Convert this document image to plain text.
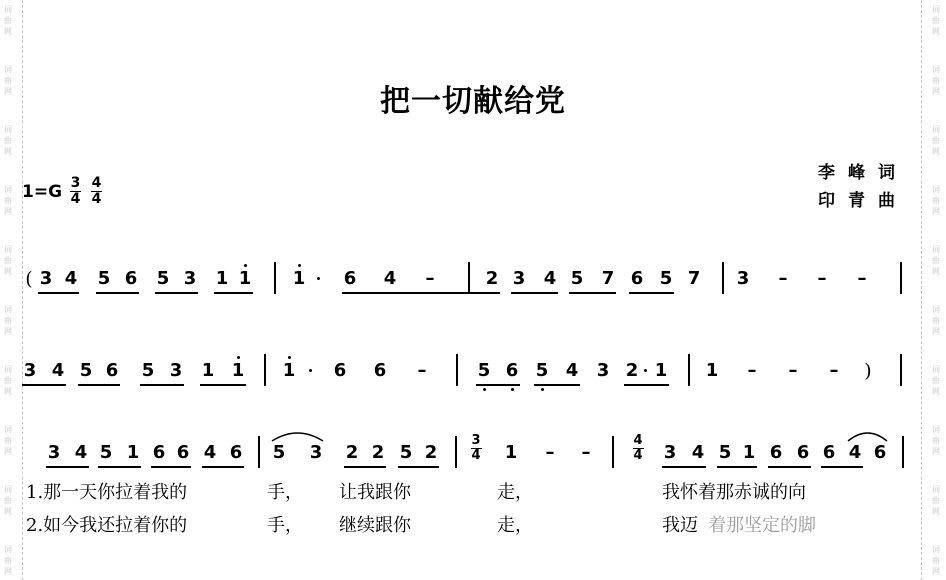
词曲网
词曲网
词曲网
词曲网
词曲网
词曲网
词曲网
词曲网
词曲网
词曲网
词曲网
词曲网
词曲网
词曲网
词曲网
词曲网
词曲网
词曲网
词曲网
词曲网
把一切献给党
$1=G \frac{3}{4} \frac{4}{4}$
李峰词
印青曲
( 3 4	5 6	5 3	1 1	1	6	4	–	2 3	4 5	7 6 5 7	3	–	–	–
3 4 5 6	5 3	1 1	1	6	6	–	5 6 5 4	3 2 1	1	–	–	–	)
3 4 5 1 6 6 4 6	5	3	2 2 5 2
3
4	1	–	–
4
4	3 4 5 1 6 6 6 4 6
1.那一天你拉着我的	手， 让我跟你	走，	我怀着那赤诚的向
2.如今我还拉着你的	手， 继续跟你	走，	我迈 着那坚定的脚
